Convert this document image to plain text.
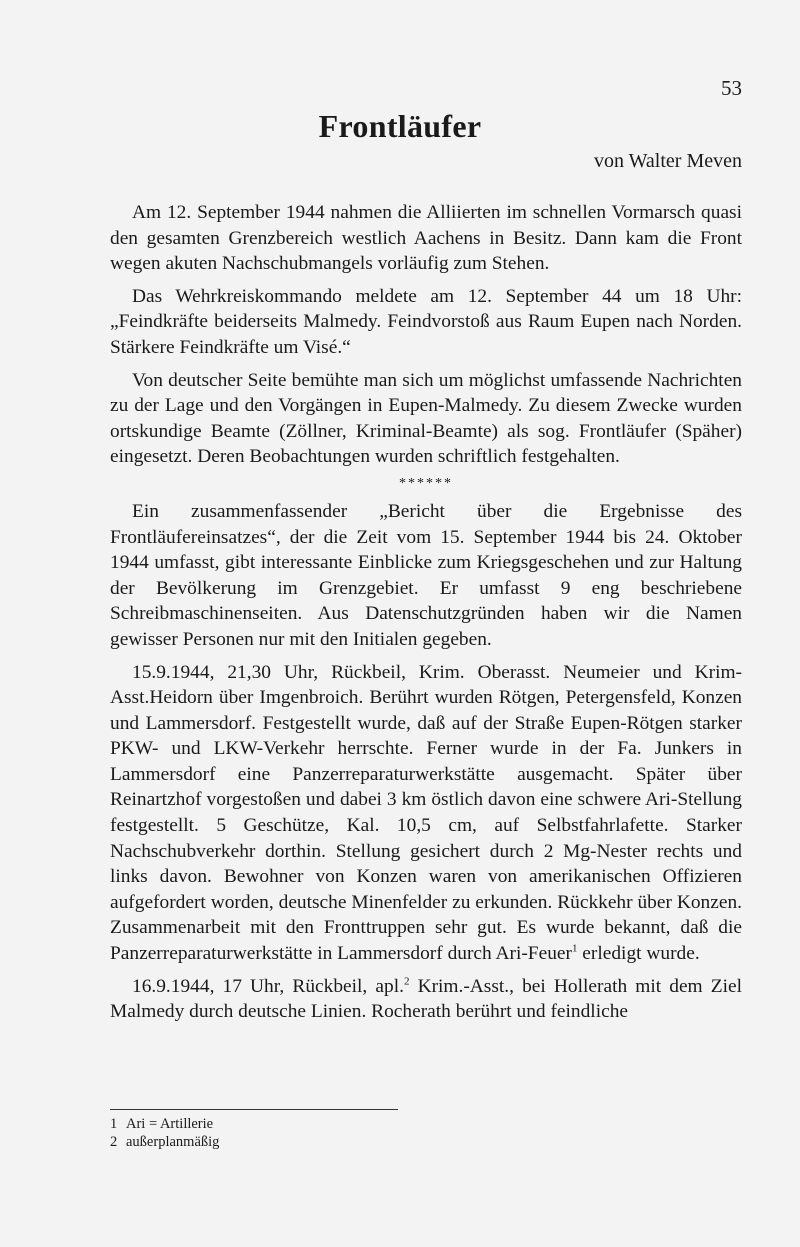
53
Frontläufer
von Walter Meven

Am 12. September 1944 nahmen die Alliierten im schnellen Vormarsch quasi den gesamten Grenzbereich westlich Aachens in Besitz. Dann kam die Front wegen akuten Nachschubmangels vorläufig zum Stehen.

Das Wehrkreiskommando meldete am 12. September 44 um 18 Uhr: „Feindkräfte beiderseits Malmedy. Feindvorstoß aus Raum Eupen nach Norden. Stärkere Feindkräfte um Visé.“

Von deutscher Seite bemühte man sich um möglichst umfassende Nachrichten zu der Lage und den Vorgängen in Eupen-Malmedy. Zu diesem Zwecke wurden ortskundige Beamte (Zöllner, Kriminal-Beamte) als sog. Frontläufer (Späher) eingesetzt. Deren Beobachtungen wurden schriftlich festgehalten.

******

Ein zusammenfassender „Bericht über die Ergebnisse des Frontläufereinsatzes“, der die Zeit vom 15. September 1944 bis 24. Oktober 1944 umfasst, gibt interessante Einblicke zum Kriegsgeschehen und zur Haltung der Bevölkerung im Grenzgebiet. Er umfasst 9 eng beschriebene Schreibmaschinenseiten. Aus Datenschutzgründen haben wir die Namen gewisser Personen nur mit den Initialen gegeben.

15.9.1944, 21,30 Uhr, Rückbeil, Krim. Oberasst. Neumeier und Krim-Asst.Heidorn über Imgenbroich. Berührt wurden Rötgen, Petergensfeld, Konzen und Lammersdorf. Festgestellt wurde, daß auf der Straße Eupen-Rötgen starker PKW- und LKW-Verkehr herrschte. Ferner wurde in der Fa. Junkers in Lammersdorf eine Panzerreparaturwerkstätte ausgemacht. Später über Reinartzhof vorgestoßen und dabei 3 km östlich davon eine schwere Ari-Stellung festgestellt. 5 Geschütze, Kal. 10,5 cm, auf Selbstfahrlafette. Starker Nachschubverkehr dorthin. Stellung gesichert durch 2 Mg-Nester rechts und links davon. Bewohner von Konzen waren von amerikanischen Offizieren aufgefordert worden, deutsche Minenfelder zu erkunden. Rückkehr über Konzen. Zusammenarbeit mit den Fronttruppen sehr gut. Es wurde bekannt, daß die Panzerreparaturwerkstätte in Lammersdorf durch Ari-Feuer$^1$ erledigt wurde.

16.9.1944, 17 Uhr, Rückbeil, apl.$^2$ Krim.-Asst., bei Hollerath mit dem Ziel Malmedy durch deutsche Linien. Rocherath berührt und feindliche

1 Ari = Artillerie
2 außerplanmäßig
